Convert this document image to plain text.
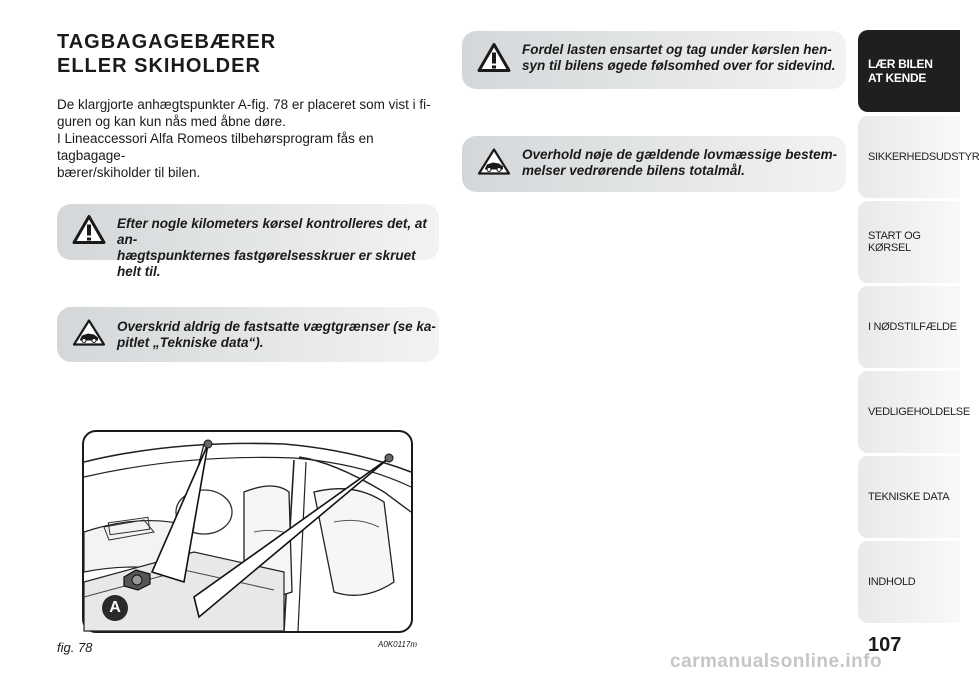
TAGBAGAGEBÆRER
ELLER SKIHOLDER

De klargjorte anhægtspunkter A-fig. 78 er placeret som vist i fi-
guren og kan kun nås med åbne døre.
I Lineaccessori Alfa Romeos tilbehørsprogram fås en tagbagage-
bærer/skiholder til bilen.

Efter nogle kilometers kørsel kontrolleres det, at an-
hægtspunkternes fastgørelsesskruer er skruet helt til.
Overskrid aldrig de fastsatte vægtgrænser (se ka-
pitlet „Tekniske data“).
Fordel lasten ensartet og tag under kørslen hen-
syn til bilens øgede følsomhed over for sidevind.
Overhold nøje de gældende lovmæssige bestem-
melser vedrørende bilens totalmål.
A
fig. 78	A0K0117m
LÆR BILEN
AT KENDE
SIKKERHEDSUDSTYR
START OG KØRSEL
I NØDSTILFÆLDE
VEDLIGEHOLDELSE
TEKNISKE DATA
INDHOLD
107
carmanualsonline.info
